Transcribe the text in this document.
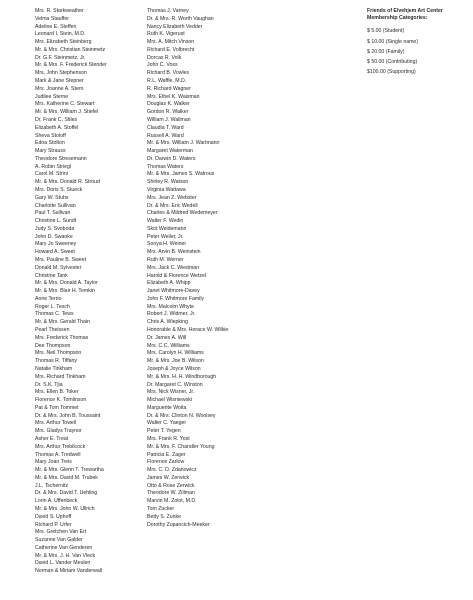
Mrs. R. Starkweather
Velma Stauffer
Adeline E. Steffen
Leonard I. Stein, M.D.
Mrs. Elizabeth Steinberg
Mr. & Mrs. Christian Steinmetz
Dr. G.F. Steinmetz, Jr.
Mr. & Mrs. F. Frederick Stender
Mrs. John Stephenson
Mark & Jane Stepner
Mrs. Joanne A. Stern
Judilee Sterne
Mrs. Katherine C. Stewart
Mr. & Mrs. William J. Stiefel
Dr. Frank C. Stiles
Elizabeth A. Stoffel
Sheva Stoloff
Edna Stolton
Mary Strauss
Theodore Stresemann
A. Robin Striegl
Carol M. Strini
Mr. & Mrs. Donald R. Stroud
Mrs. Doris S. Stueck
Gary W. Stuhs
Charlotte Sullivan
Paul T. Sullivan
Christine L. Sundt
Judy S. Svoboda
John D. Swanke
Mary Jo Sweeney
Howard A. Sweet
Mrs. Pauline B. Sweet
Donald M. Sylvester
Christine Tank
Mr. & Mrs. Donald A. Taylor
Mr. & Mrs. Blair H. Temkin
Anne Terrio
Roger L. Tesch
Thomas C. Tews
Mr. & Mrs. Gerald Thain
Pearl Theissen
Mrs. Frederick Thomas
Dee Thompson
Mrs. Neil Thompson
Thomas R. Tiffany
Natalie Tinkham
Mrs. Richard Tinkham
Dr. S.K. Tjia
Mrs. Ellen B. Toker
Florence K. Tomlinson
Pat & Tom Tommet
Dr. & Mrs. John B. Toussaint
Mrs. Arthur Towell
Mrs. Gladys Traynor
Asher E. Treat
Mrs. Arthur Trebilcock
Thomas A. Tredwell
Mary Joan Treis
Mr. & Mrs. Glenn T. Trewartha
Mr. & Mrs. David M. Trubek
J.L. Tschernitz
Dr. & Mrs. David T. Uehling
Lorin A. Uffenbeck
Mr. & Mrs. John W. Ullrich
David S. Uphoff
Richard P. Urfer
Mrs. Gretchen Van Ert
Suzanne Van Galder
Catherine Van Genderen
Mr. & Mrs. J. H. Van Vleck
David L. Vander Meulen
Norman & Miriam Vanderwall
Thomas J. Varney
Dr. & Mrs. R. Worth Vaughan
Nancy Elizabeth Vedder
Ruth K. Vigerust
Mrs. A. Mitch Vinson
Richard E. Volbrecht
Dorcas R. Volk
John C. Voss
Richard B. Vowles
R.L. Waffle, M.D.
R. Richard Wagner
Mrs. Ethel K. Waisman
Douglas K. Walker
Gordon R. Walker
William J. Wallman
Claudia T. Ward
Russell A. Ward
Mr. & Mrs. William J. Wartmann
Margaret Waterman
Dr. Darwin D. Waters
Thomas Waters
Mr. & Mrs. James S. Watrous
Shirley R. Watson
Virginia Wattawa
Mrs. Jean Z. Webster
Dr. & Mrs. Eric Wedell
Charles & Mildred Wedemeyer
Walter F. Wedin
Skot Weidemann
Peter Weiler, Jr.
Sonya H. Weiner
Mrs. Arvin B. Weinstein
Ruth M. Werner
Mrs. Jack C. Westman
Harold & Florence Wetzel
Elizabeth A. Whipp
Janet Whitmore-Davey
John F. Whitmore Family
Mrs. Malcolm Whyte
Robert J. Widmer, Jr.
Chris A. Wiepking
Honorable & Mrs. Horace W. Wilkie
Dr. James A. Will
Mrs. C.C. Williams
Mrs. Carolyn H. Williams
Mr. & Mrs. Joe B. Wilson
Joseph & Joyce Wilson
Mr. & Mrs. H. H. Windborough
Dr. Margaret C. Winston
Mrs. Nick Wisner, Jr.
Michael Wisniewski
Marguerite Woita
Dr. & Mrs. Clinton N. Woolsey
Walter C. Yaeger
Peter T. Yegen
Mrs. Frank R. Yost
Mr. & Mrs. F. Chandler Young
Patricia E. Zager
Florence Zarlow
Mrs. C. D. Zdanowicz
James W. Zerwick
Otto & Rose Zerwick
Theodore W. Zillman
Marvin M. Zolot, M.D.
Tom Zucker
Betty S. Zunke
Dorothy Zupancich-Meeker
Friends of Elvehjem Art Center
Membership Categories:
$ 5.00 (Student)
$ 10.00 (Single name)
$ 20.00 (Family)
$ 50.00 (Contributing)
$100.00 (Supporting)
